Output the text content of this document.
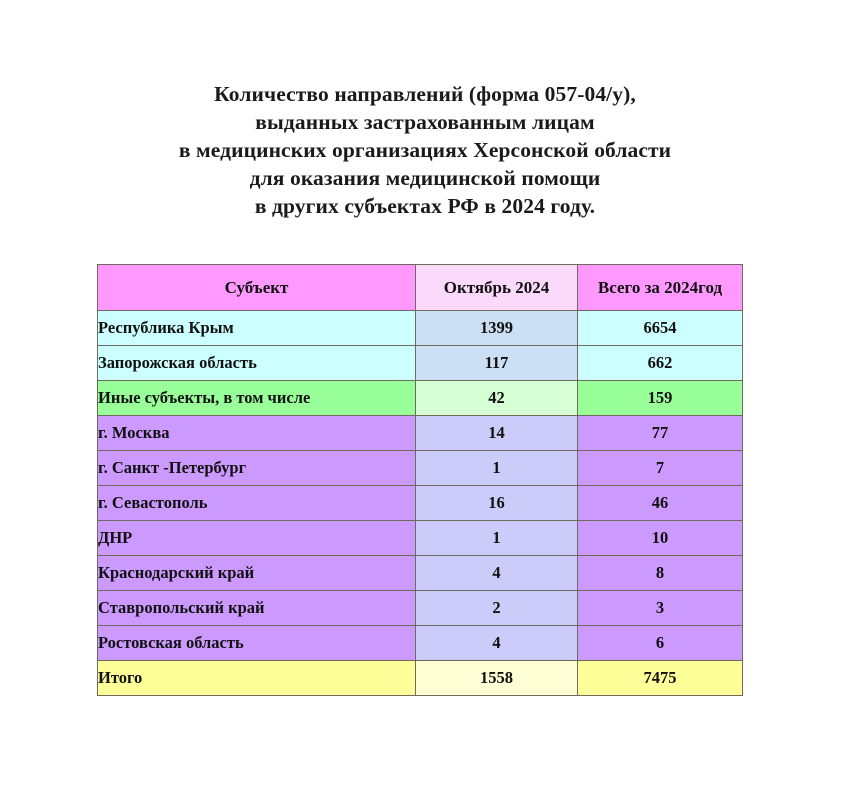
Количество направлений (форма 057-04/у),
выданных застрахованным лицам
в медицинских организациях Херсонской области
для оказания медицинской помощи
в других субъектах РФ в 2024 году.
Субъект	Октябрь 2024	Всего за 2024год
Республика Крым	1399	6654
Запорожская область	117	662
Иные субъекты, в том числе	42	159
г. Москва	14	77
г. Санкт -Петербург	1	7
г. Севастополь	16	46
ДНР	1	10
Краснодарский край	4	8
Ставропольский край	2	3
Ростовская область	4	6
Итого	1558	7475
